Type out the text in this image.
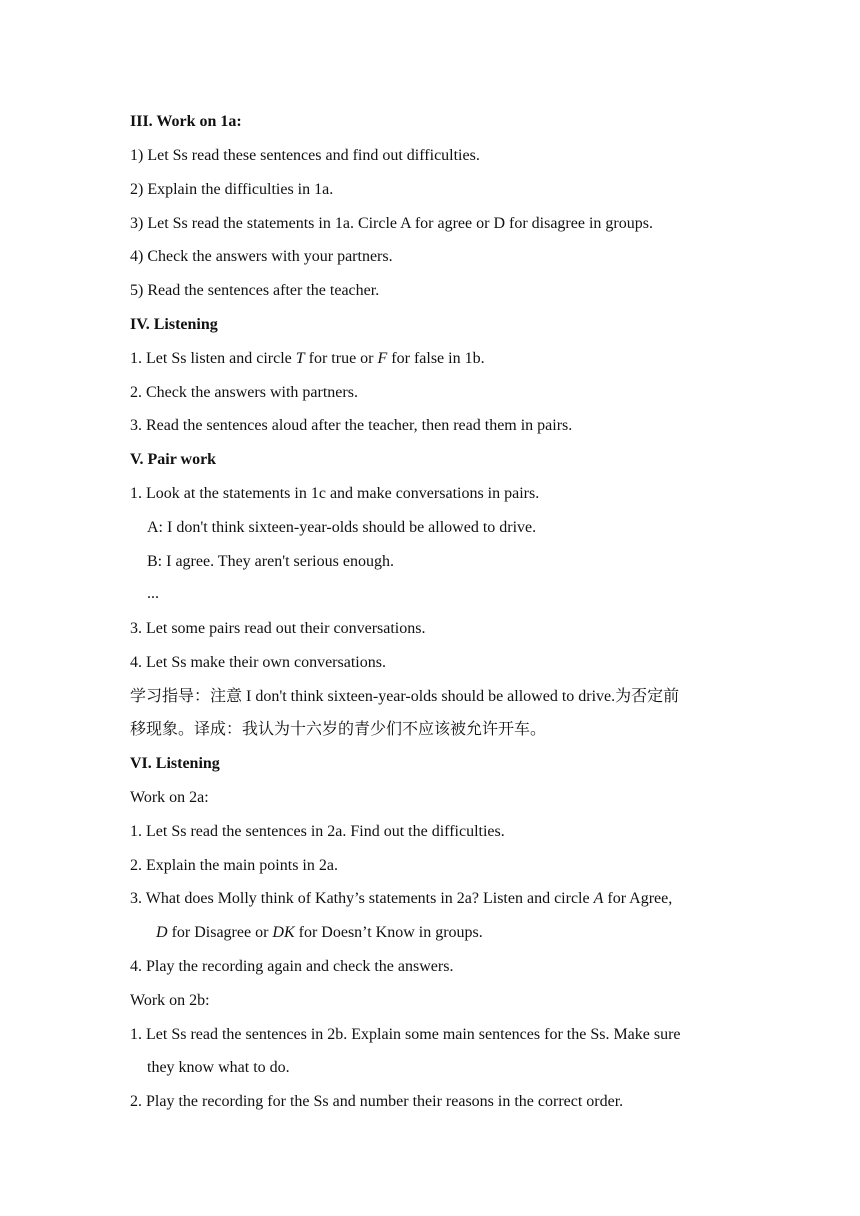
III. Work on 1a:
1) Let Ss read these sentences and find out difficulties.
2) Explain the difficulties in 1a.
3) Let Ss read the statements in 1a. Circle A for agree or D for disagree in groups.
4) Check the answers with your partners.
5) Read the sentences after the teacher.
IV. Listening
1. Let Ss listen and circle T for true or F for false in 1b.
2. Check the answers with partners.
3. Read the sentences aloud after the teacher, then read them in pairs.
V. Pair work
1. Look at the statements in 1c and make conversations in pairs.
A: I don't think sixteen-year-olds should be allowed to drive.
B: I agree. They aren't serious enough.
...
3. Let some pairs read out their conversations.
4. Let Ss make their own conversations.
学习指导：注意 I don't think sixteen-year-olds should be allowed to drive.为否定前
移现象。译成：我认为十六岁的青少们不应该被允许开车。
VI. Listening
Work on 2a:
1. Let Ss read the sentences in 2a. Find out the difficulties.
2. Explain the main points in 2a.
3. What does Molly think of Kathy’s statements in 2a? Listen and circle A for Agree,
D for Disagree or DK for Doesn’t Know in groups.
4. Play the recording again and check the answers.
Work on 2b:
1. Let Ss read the sentences in 2b. Explain some main sentences for the Ss. Make sure
they know what to do.
2. Play the recording for the Ss and number their reasons in the correct order.
